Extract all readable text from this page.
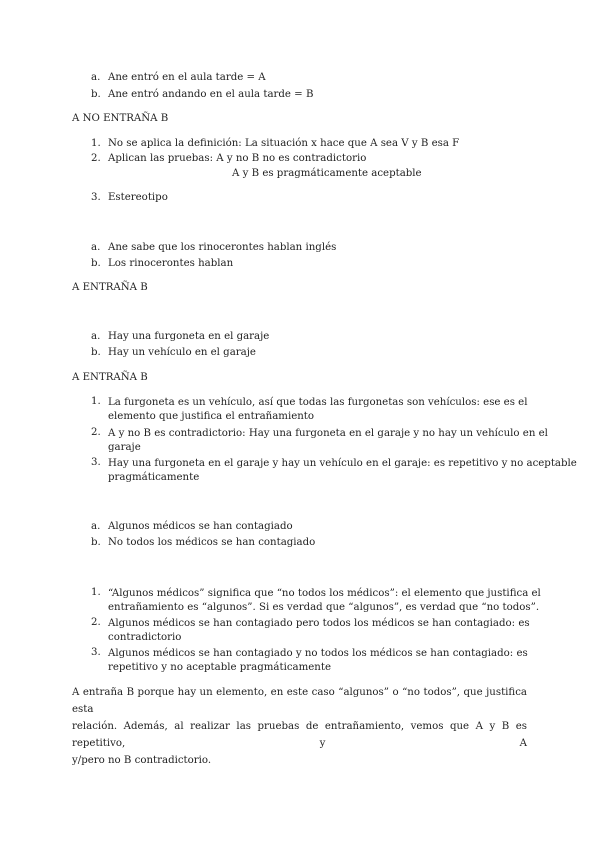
a. Ane entró en el aula tarde = A
b. Ane entró andando en el aula tarde = B
A NO ENTRAÑA B
1. No se aplica la definición: La situación x hace que A sea V y B esa F
2. Aplican las pruebas: A y no B no es contradictorio
A y B es pragmáticamente aceptable
3. Estereotipo
a. Ane sabe que los rinocerontes hablan inglés
b. Los rinocerontes hablan
A ENTRAÑA B
a. Hay una furgoneta en el garaje
b. Hay un vehículo en el garaje
A ENTRAÑA B
1. La furgoneta es un vehículo, así que todas las furgonetas son vehículos: ese es el
elemento que justifica el entrañamiento
2. A y no B es contradictorio: Hay una furgoneta en el garaje y no hay un vehículo en el
garaje
3. Hay una furgoneta en el garaje y hay un vehículo en el garaje: es repetitivo y no aceptable
pragmáticamente
a. Algunos médicos se han contagiado
b. No todos los médicos se han contagiado
1. “Algunos médicos” significa que “no todos los médicos”: el elemento que justifica el
entrañamiento es “algunos”. Si es verdad que “algunos”, es verdad que “no todos”.
2. Algunos médicos se han contagiado pero todos los médicos se han contagiado: es
contradictorio
3. Algunos médicos se han contagiado y no todos los médicos se han contagiado: es
repetitivo y no aceptable pragmáticamente
A entraña B porque hay un elemento, en este caso “algunos” o “no todos”, que justifica esta
relación. Además, al realizar las pruebas de entrañamiento, vemos que A y B es repetitivo, y A
y/pero no B contradictorio.
